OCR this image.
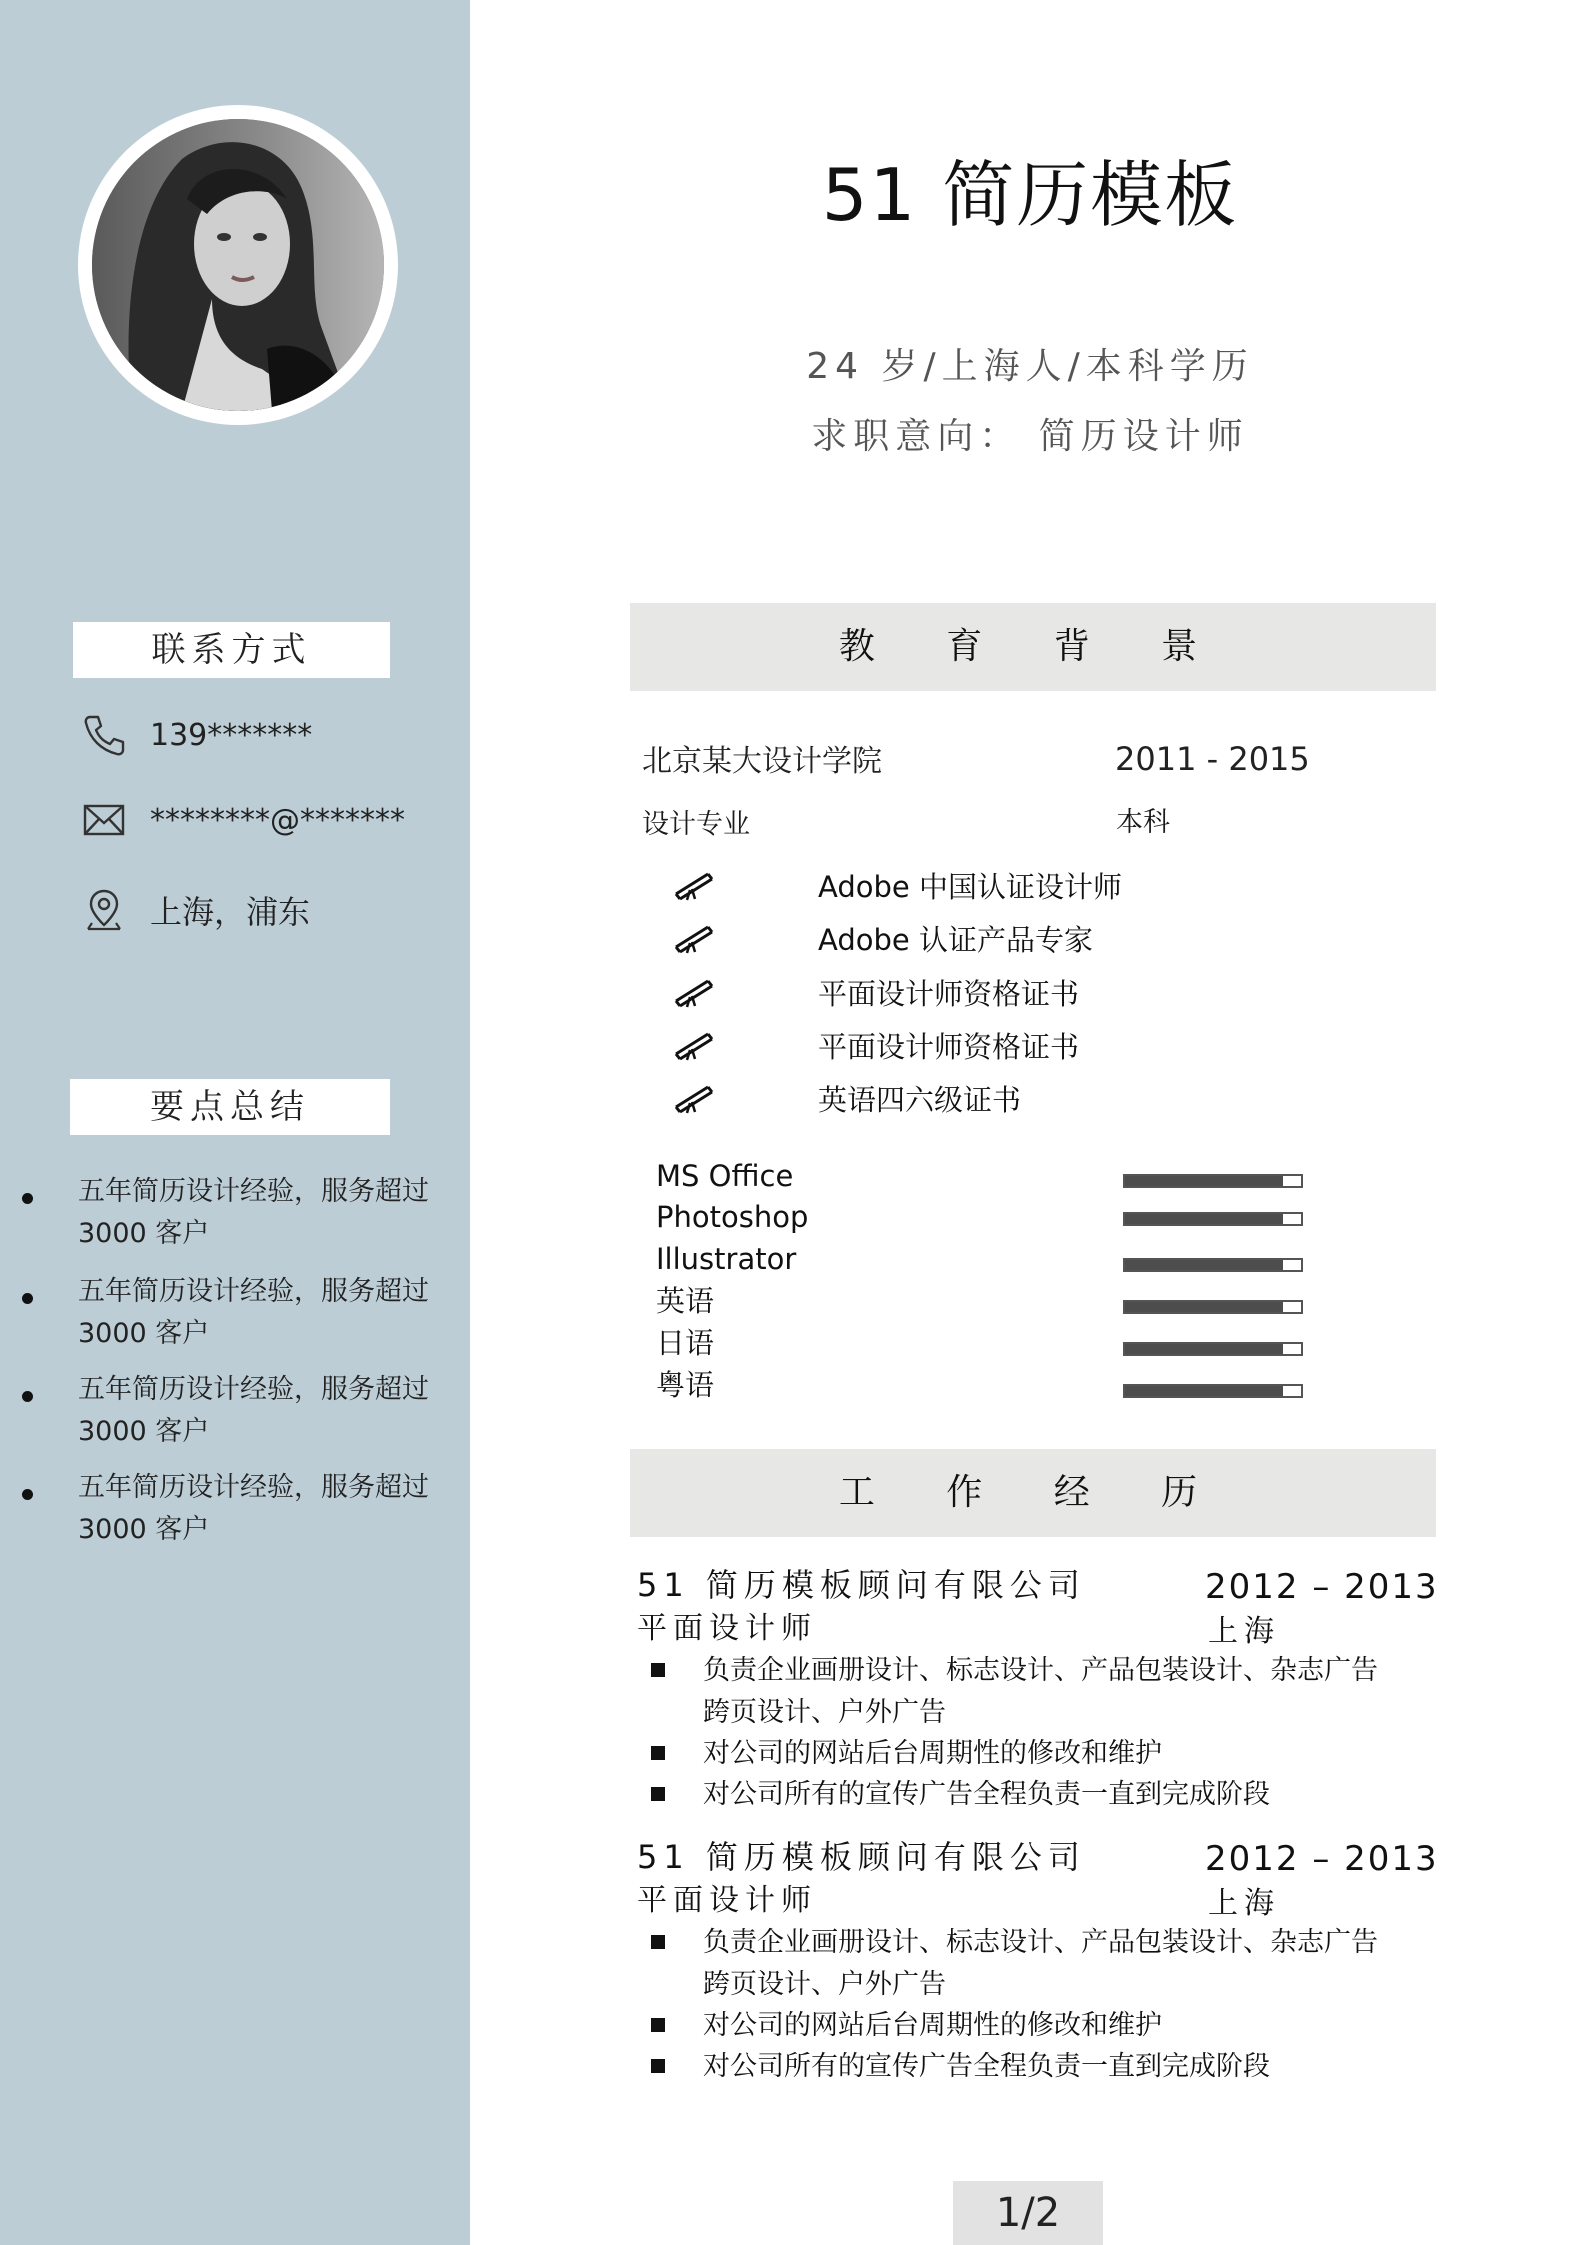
联系方式
139*******
********@*******
上海，浦东
要点总结
五年简历设计经验，服务超过 3000 客户
五年简历设计经验，服务超过 3000 客户
五年简历设计经验，服务超过 3000 客户
五年简历设计经验，服务超过 3000 客户
51 简历模板
24 岁/上海人/本科学历
求职意向： 简历设计师
教 育 背 景
北京某大设计学院	2011 - 2015
设计专业	本科
Adobe 中国认证设计师
Adobe 认证产品专家
平面设计师资格证书
平面设计师资格证书
英语四六级证书
MS Office
Photoshop
Illustrator
英语
日语
粤语
工 作 经 历
51 简历模板顾问有限公司	2012 – 2013
平面设计师	上海
负责企业画册设计、标志设计、产品包装设计、杂志广告跨页设计、户外广告
对公司的网站后台周期性的修改和维护
对公司所有的宣传广告全程负责一直到完成阶段
51 简历模板顾问有限公司	2012 – 2013
平面设计师	上海
负责企业画册设计、标志设计、产品包装设计、杂志广告跨页设计、户外广告
对公司的网站后台周期性的修改和维护
对公司所有的宣传广告全程负责一直到完成阶段
1/2
